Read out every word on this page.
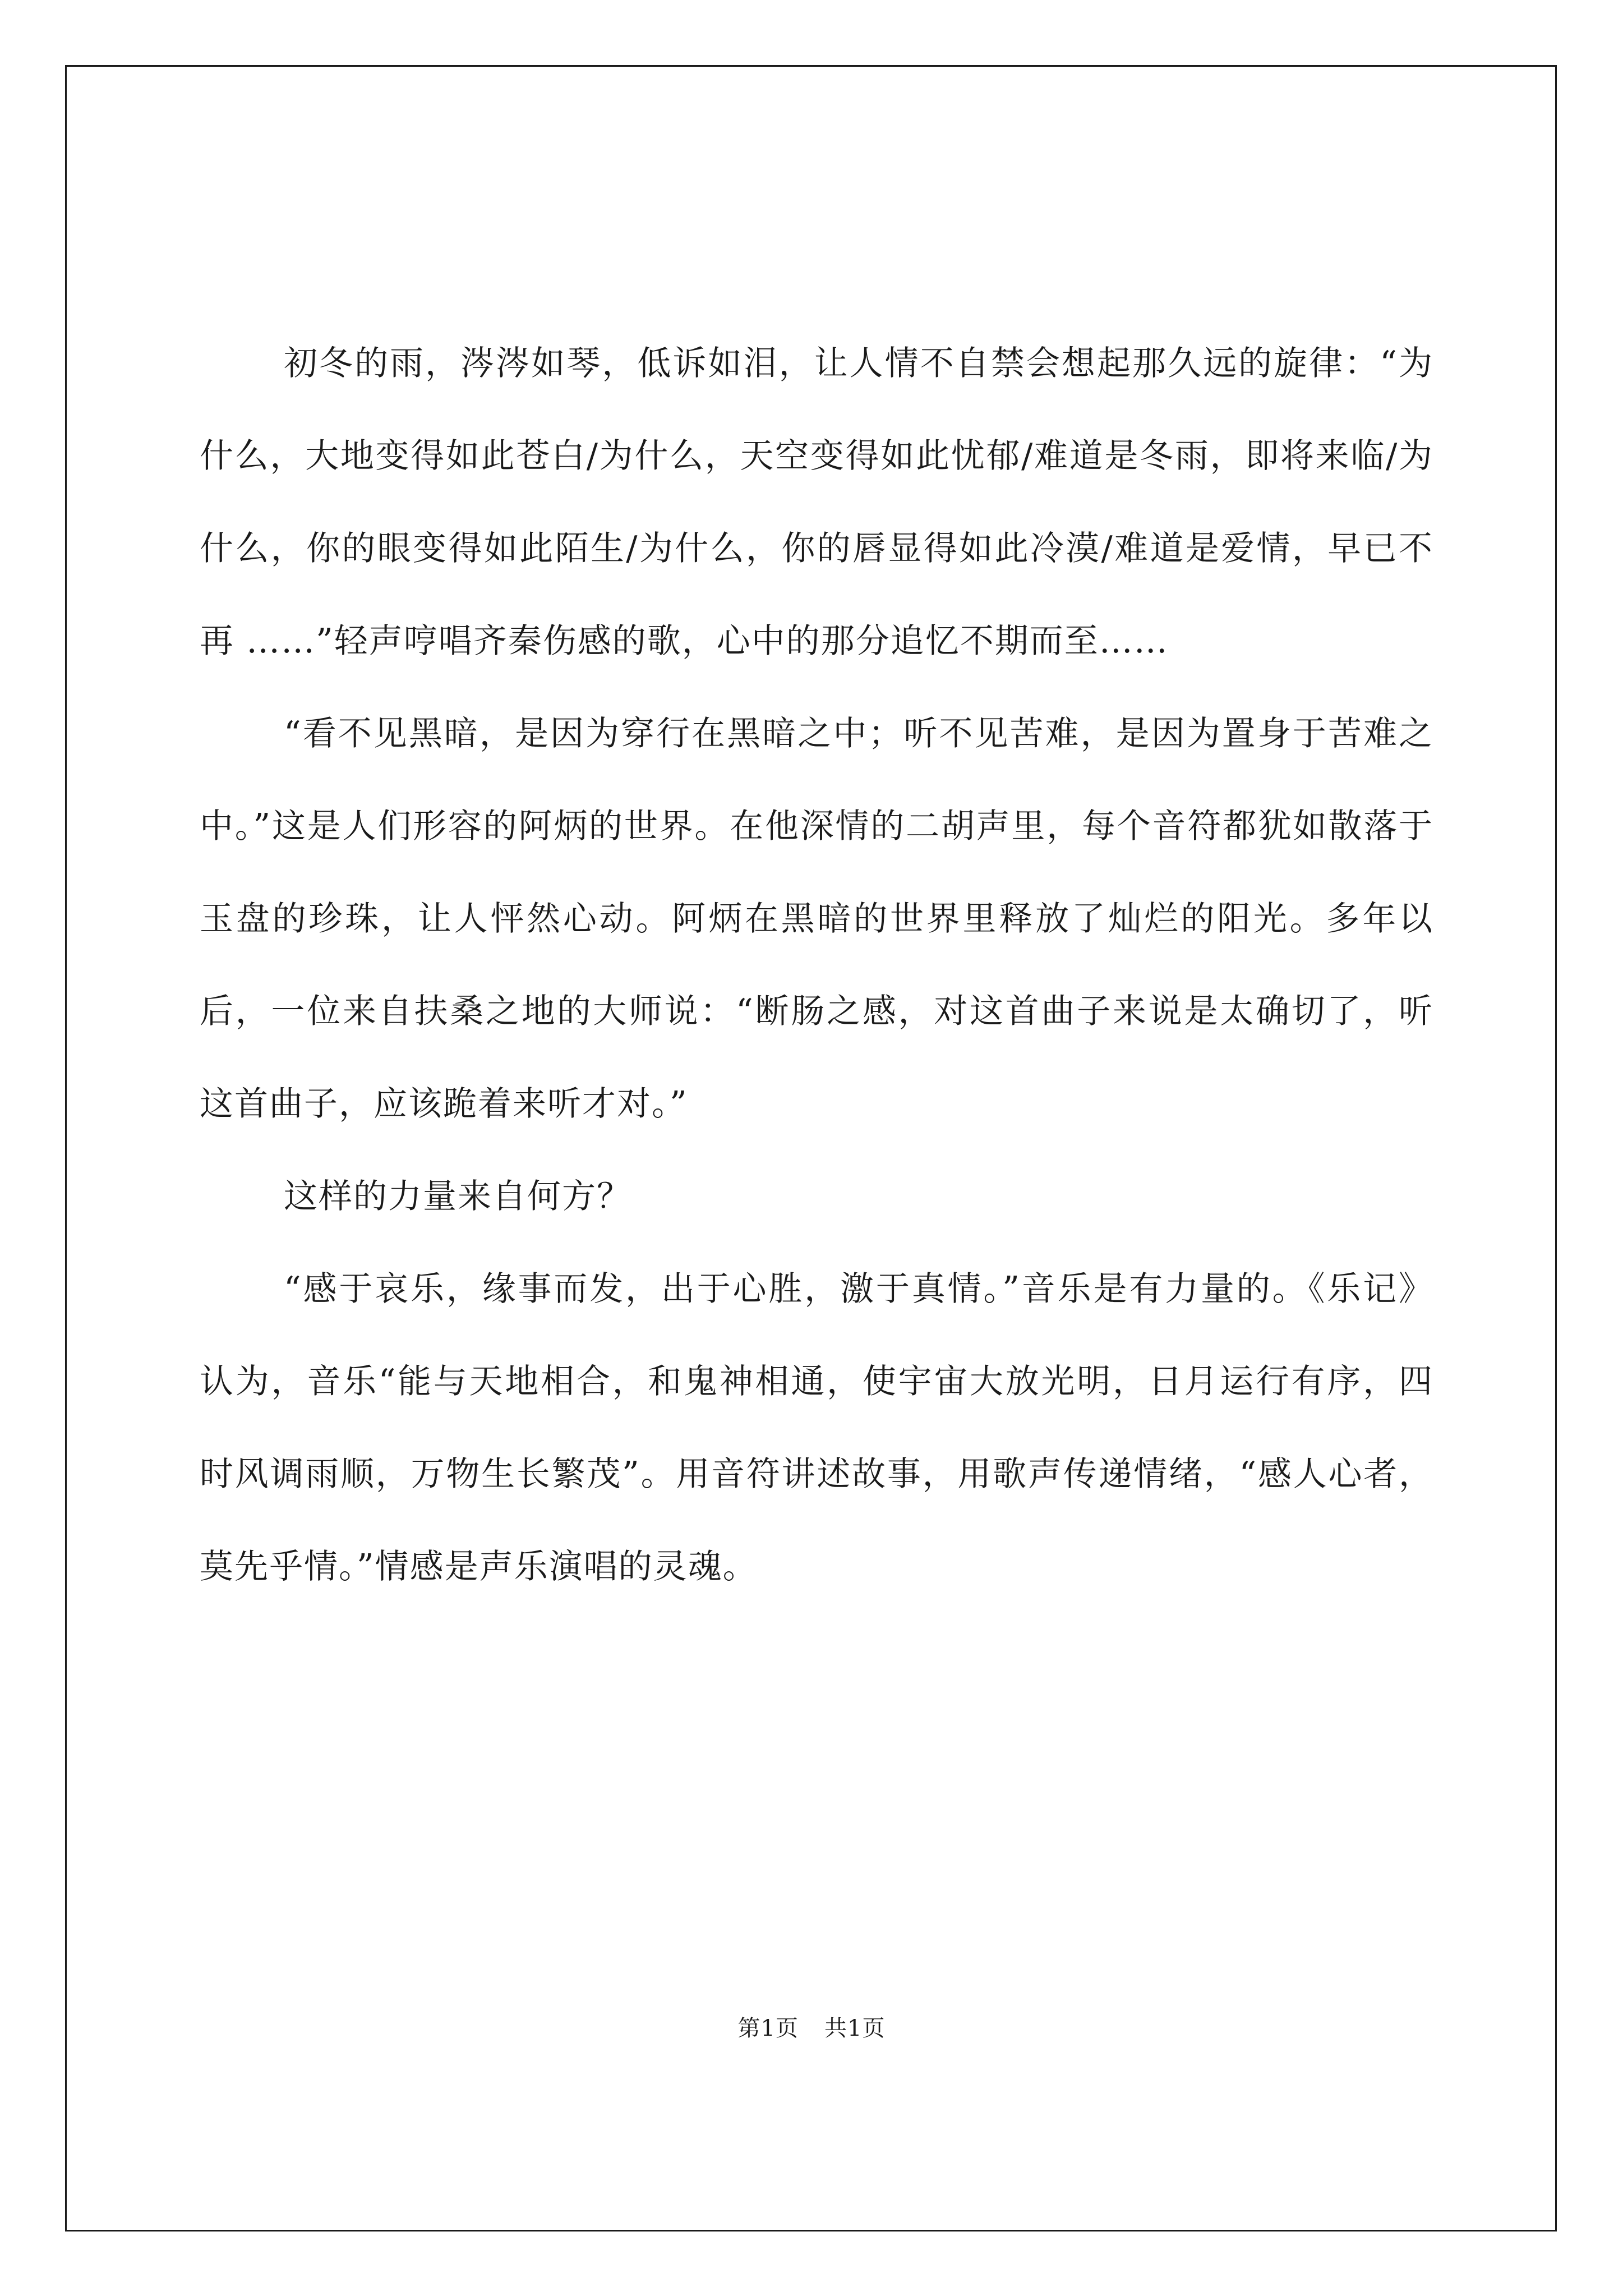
初冬的雨，涔涔如琴，低诉如泪，让人情不自禁会想起那久远的旋律：“为什么，大地变得如此苍白/为什么，天空变得如此忧郁/难道是冬雨，即将来临/为什么，你的眼变得如此陌生/为什么，你的唇显得如此冷漠/难道是爱情，早已不再 ……”轻声哼唱齐秦伤感的歌，心中的那分追忆不期而至……

“看不见黑暗，是因为穿行在黑暗之中；听不见苦难，是因为置身于苦难之中。”这是人们形容的阿炳的世界。在他深情的二胡声里，每个音符都犹如散落于玉盘的珍珠，让人怦然心动。阿炳在黑暗的世界里释放了灿烂的阳光。多年以后，一位来自扶桑之地的大师说：“断肠之感，对这首曲子来说是太确切了，听这首曲子，应该跪着来听才对。”

这样的力量来自何方？

“感于哀乐，缘事而发，出于心胜，激于真情。”音乐是有力量的。《乐记》认为，音乐“能与天地相合，和鬼神相通，使宇宙大放光明，日月运行有序，四时风调雨顺，万物生长繁茂”。用音符讲述故事，用歌声传递情绪，“感人心者，莫先乎情。”情感是声乐演唱的灵魂。

第1页 共1页
